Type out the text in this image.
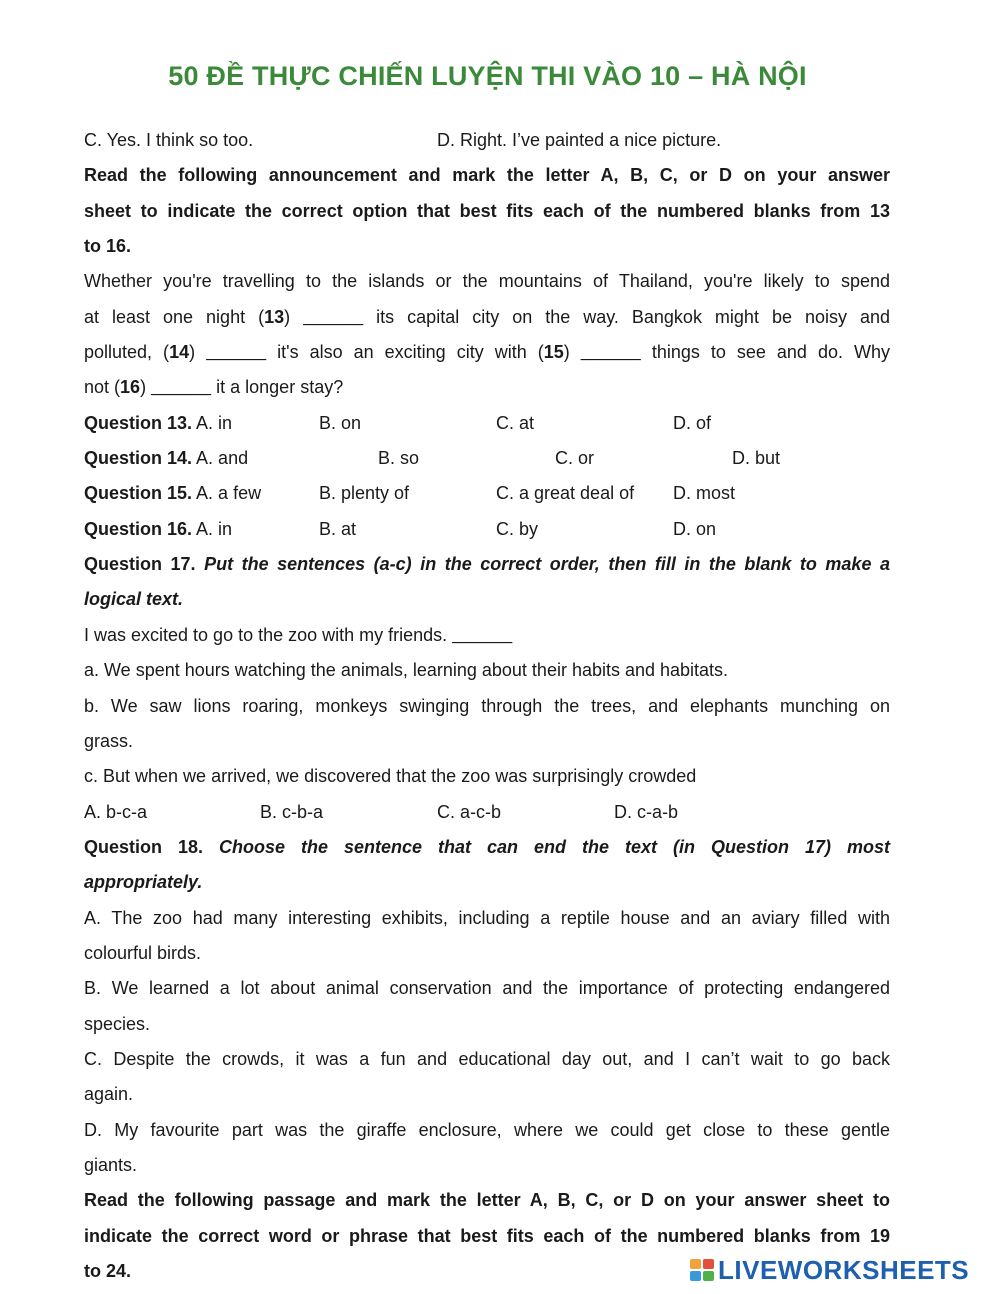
50 ĐỀ THỰC CHIẾN LUYỆN THI VÀO 10 – HÀ NỘI
C. Yes. I think so too.	D. Right. I’ve painted a nice picture.
Read the following announcement and mark the letter A, B, C, or D on your answer
sheet to indicate the correct option that best fits each of the numbered blanks from 13
to 16.
Whether you're travelling to the islands or the mountains of Thailand, you're likely to spend
at least one night (13) ______ its capital city on the way. Bangkok might be noisy and
polluted, (14) ______ it's also an exciting city with (15) ______ things to see and do. Why
not (16) ______ it a longer stay?
Question 13. A. in	B. on	C. at	D. of
Question 14. A. and	B. so	C. or	D. but
Question 15. A. a few	B. plenty of	C. a great deal of D. most
Question 16. A. in	B. at	C. by	D. on
Question 17. Put the sentences (a-c) in the correct order, then fill in the blank to make a
logical text.
I was excited to go to the zoo with my friends. ______
a. We spent hours watching the animals, learning about their habits and habitats.
b. We saw lions roaring, monkeys swinging through the trees, and elephants munching on
grass.
c. But when we arrived, we discovered that the zoo was surprisingly crowded
A. b-c-a	B. c-b-a	C. a-c-b	D. c-a-b
Question 18. Choose the sentence that can end the text (in Question 17) most
appropriately.
A. The zoo had many interesting exhibits, including a reptile house and an aviary filled with
colourful birds.
B. We learned a lot about animal conservation and the importance of protecting endangered
species.
C. Despite the crowds, it was a fun and educational day out, and I can’t wait to go back
again.
D. My favourite part was the giraffe enclosure, where we could get close to these gentle
giants.
Read the following passage and mark the letter A, B, C, or D on your answer sheet to
indicate the correct word or phrase that best fits each of the numbered blanks from 19
to 24.	LIVEWORKSHEETS
